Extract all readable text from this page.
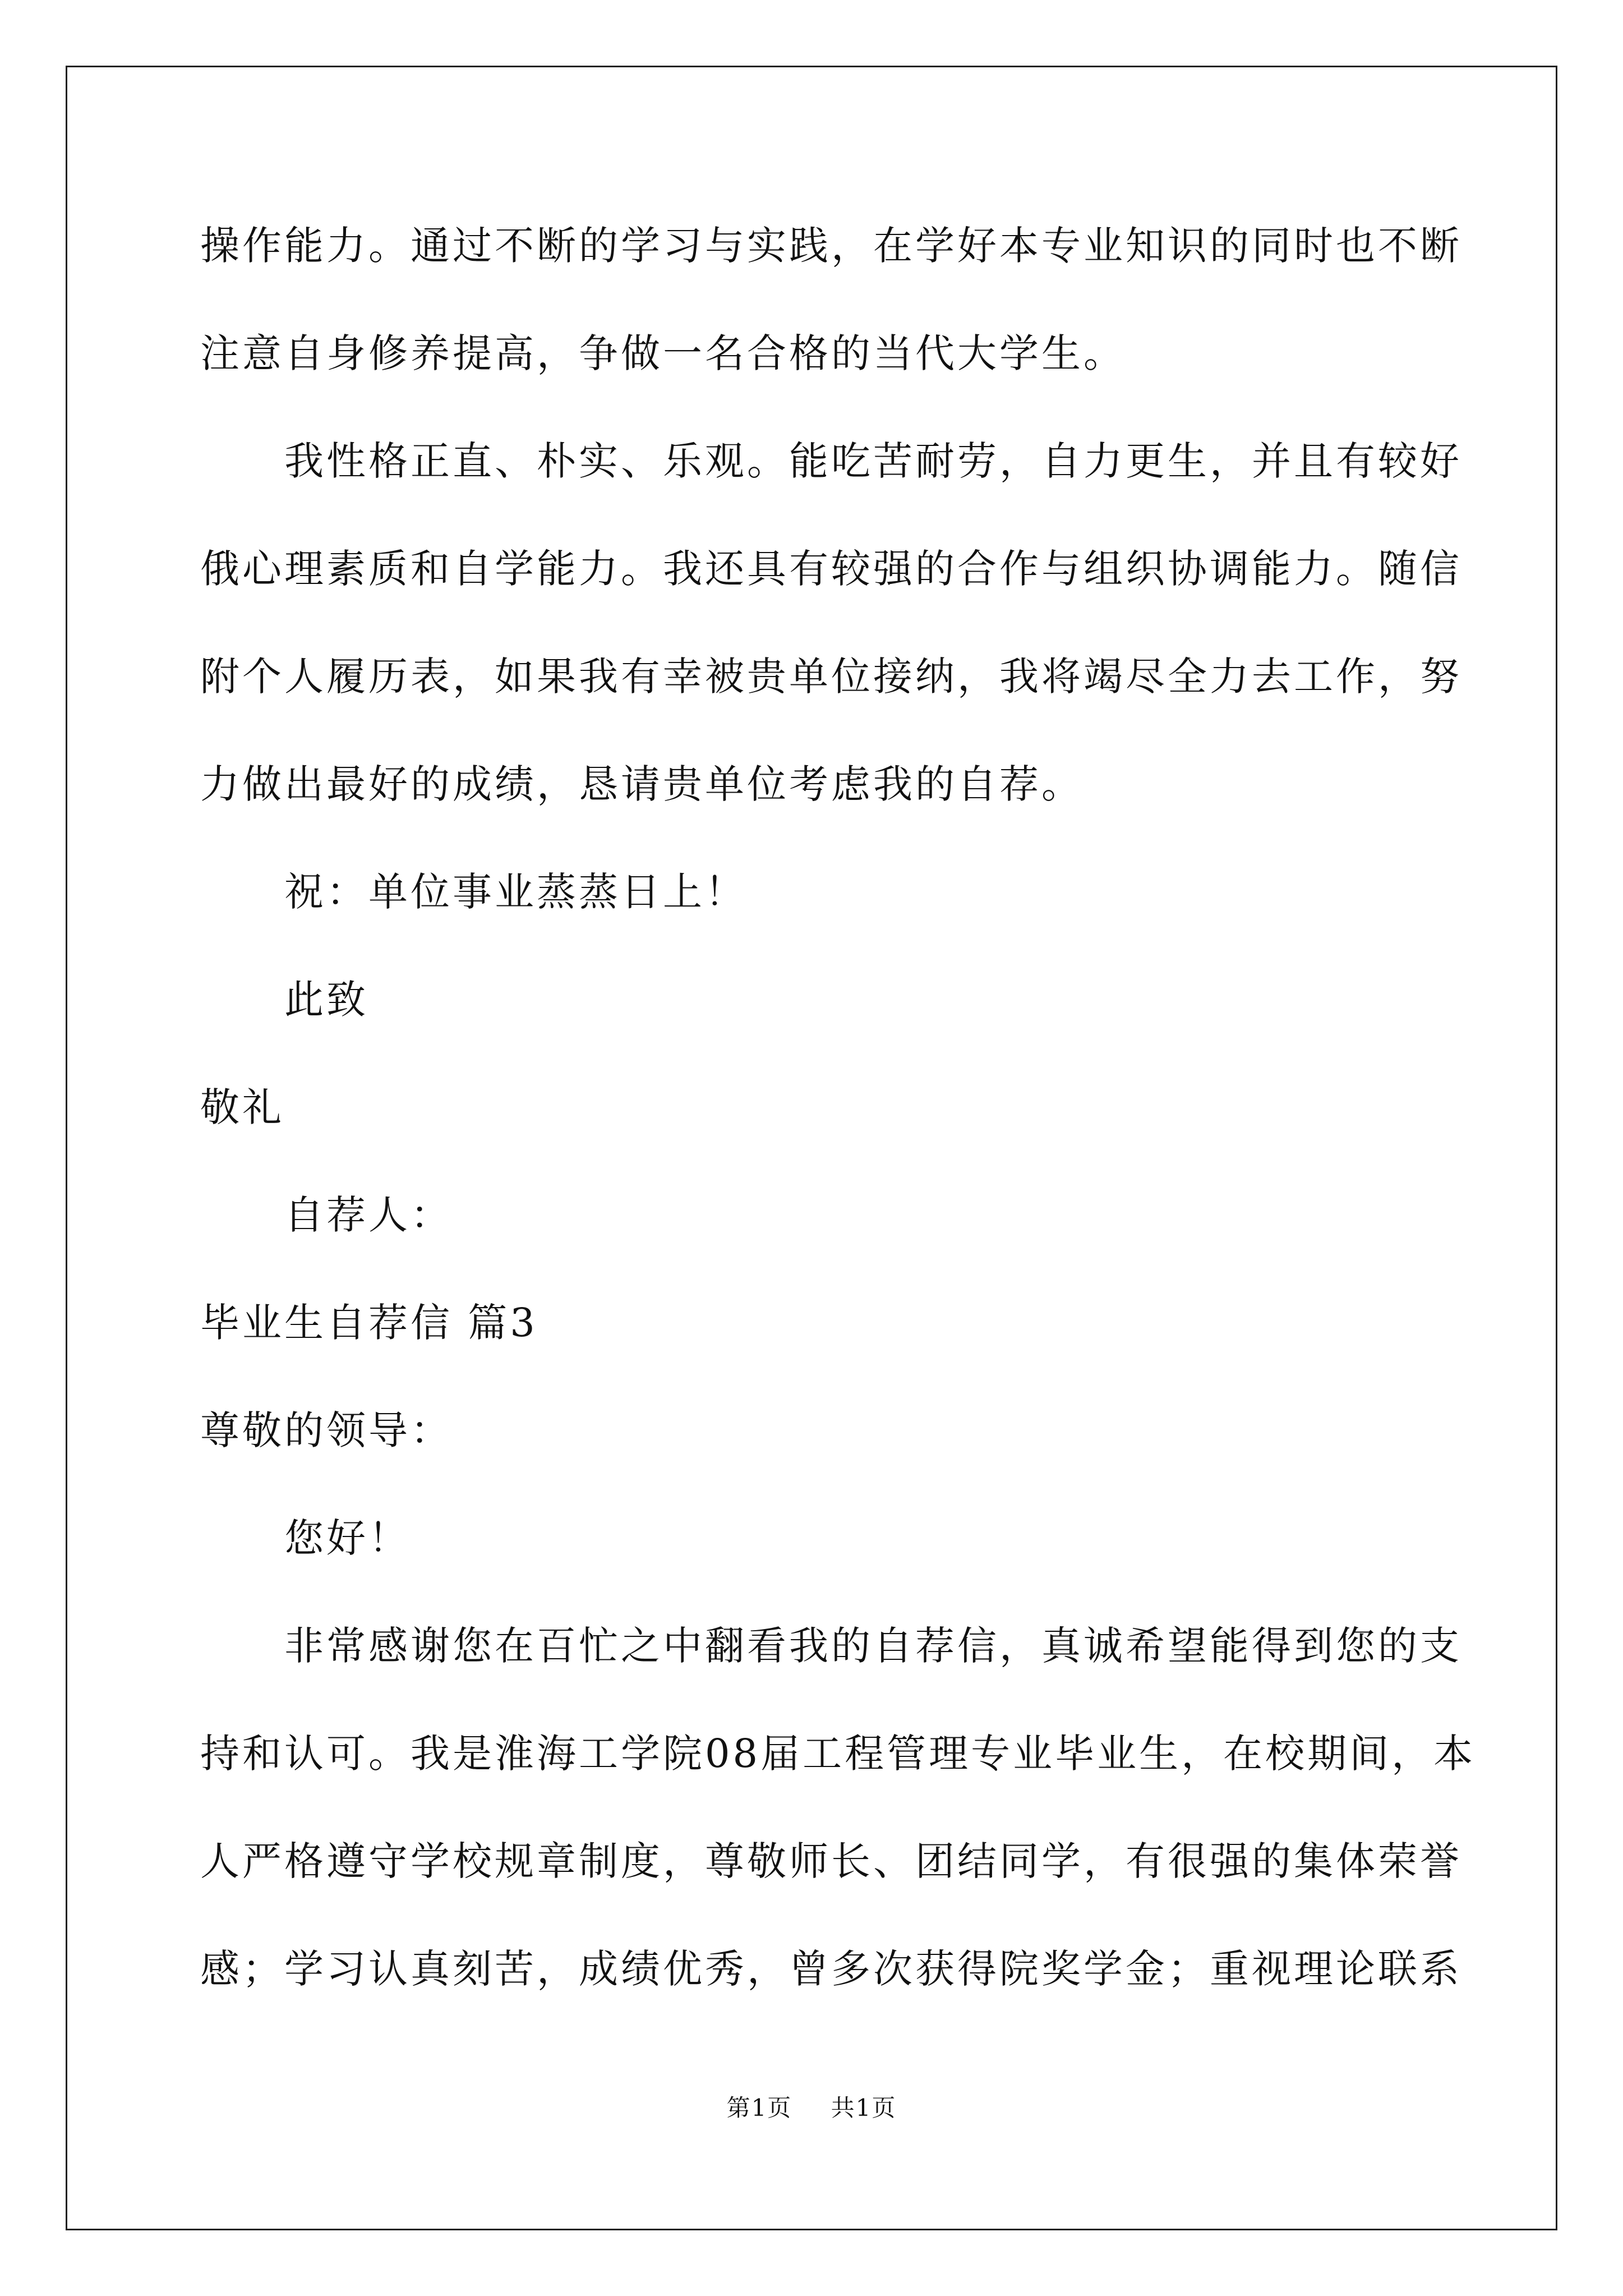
操作能力。通过不断的学习与实践，在学好本专业知识的同时也不断
注意自身修养提高，争做一名合格的当代大学生。
我性格正直、朴实、乐观。能吃苦耐劳，自力更生，并且有较好
俄心理素质和自学能力。我还具有较强的合作与组织协调能力。随信
附个人履历表，如果我有幸被贵单位接纳，我将竭尽全力去工作，努
力做出最好的成绩，恳请贵单位考虑我的自荐。
祝：单位事业蒸蒸日上！
此致
敬礼
自荐人：
毕业生自荐信 篇3
尊敬的领导：
您好！
非常感谢您在百忙之中翻看我的自荐信，真诚希望能得到您的支
持和认可。我是淮海工学院08届工程管理专业毕业生，在校期间，本
人严格遵守学校规章制度，尊敬师长、团结同学，有很强的集体荣誉
感；学习认真刻苦，成绩优秀，曾多次获得院奖学金；重视理论联系
第1页 共1页
